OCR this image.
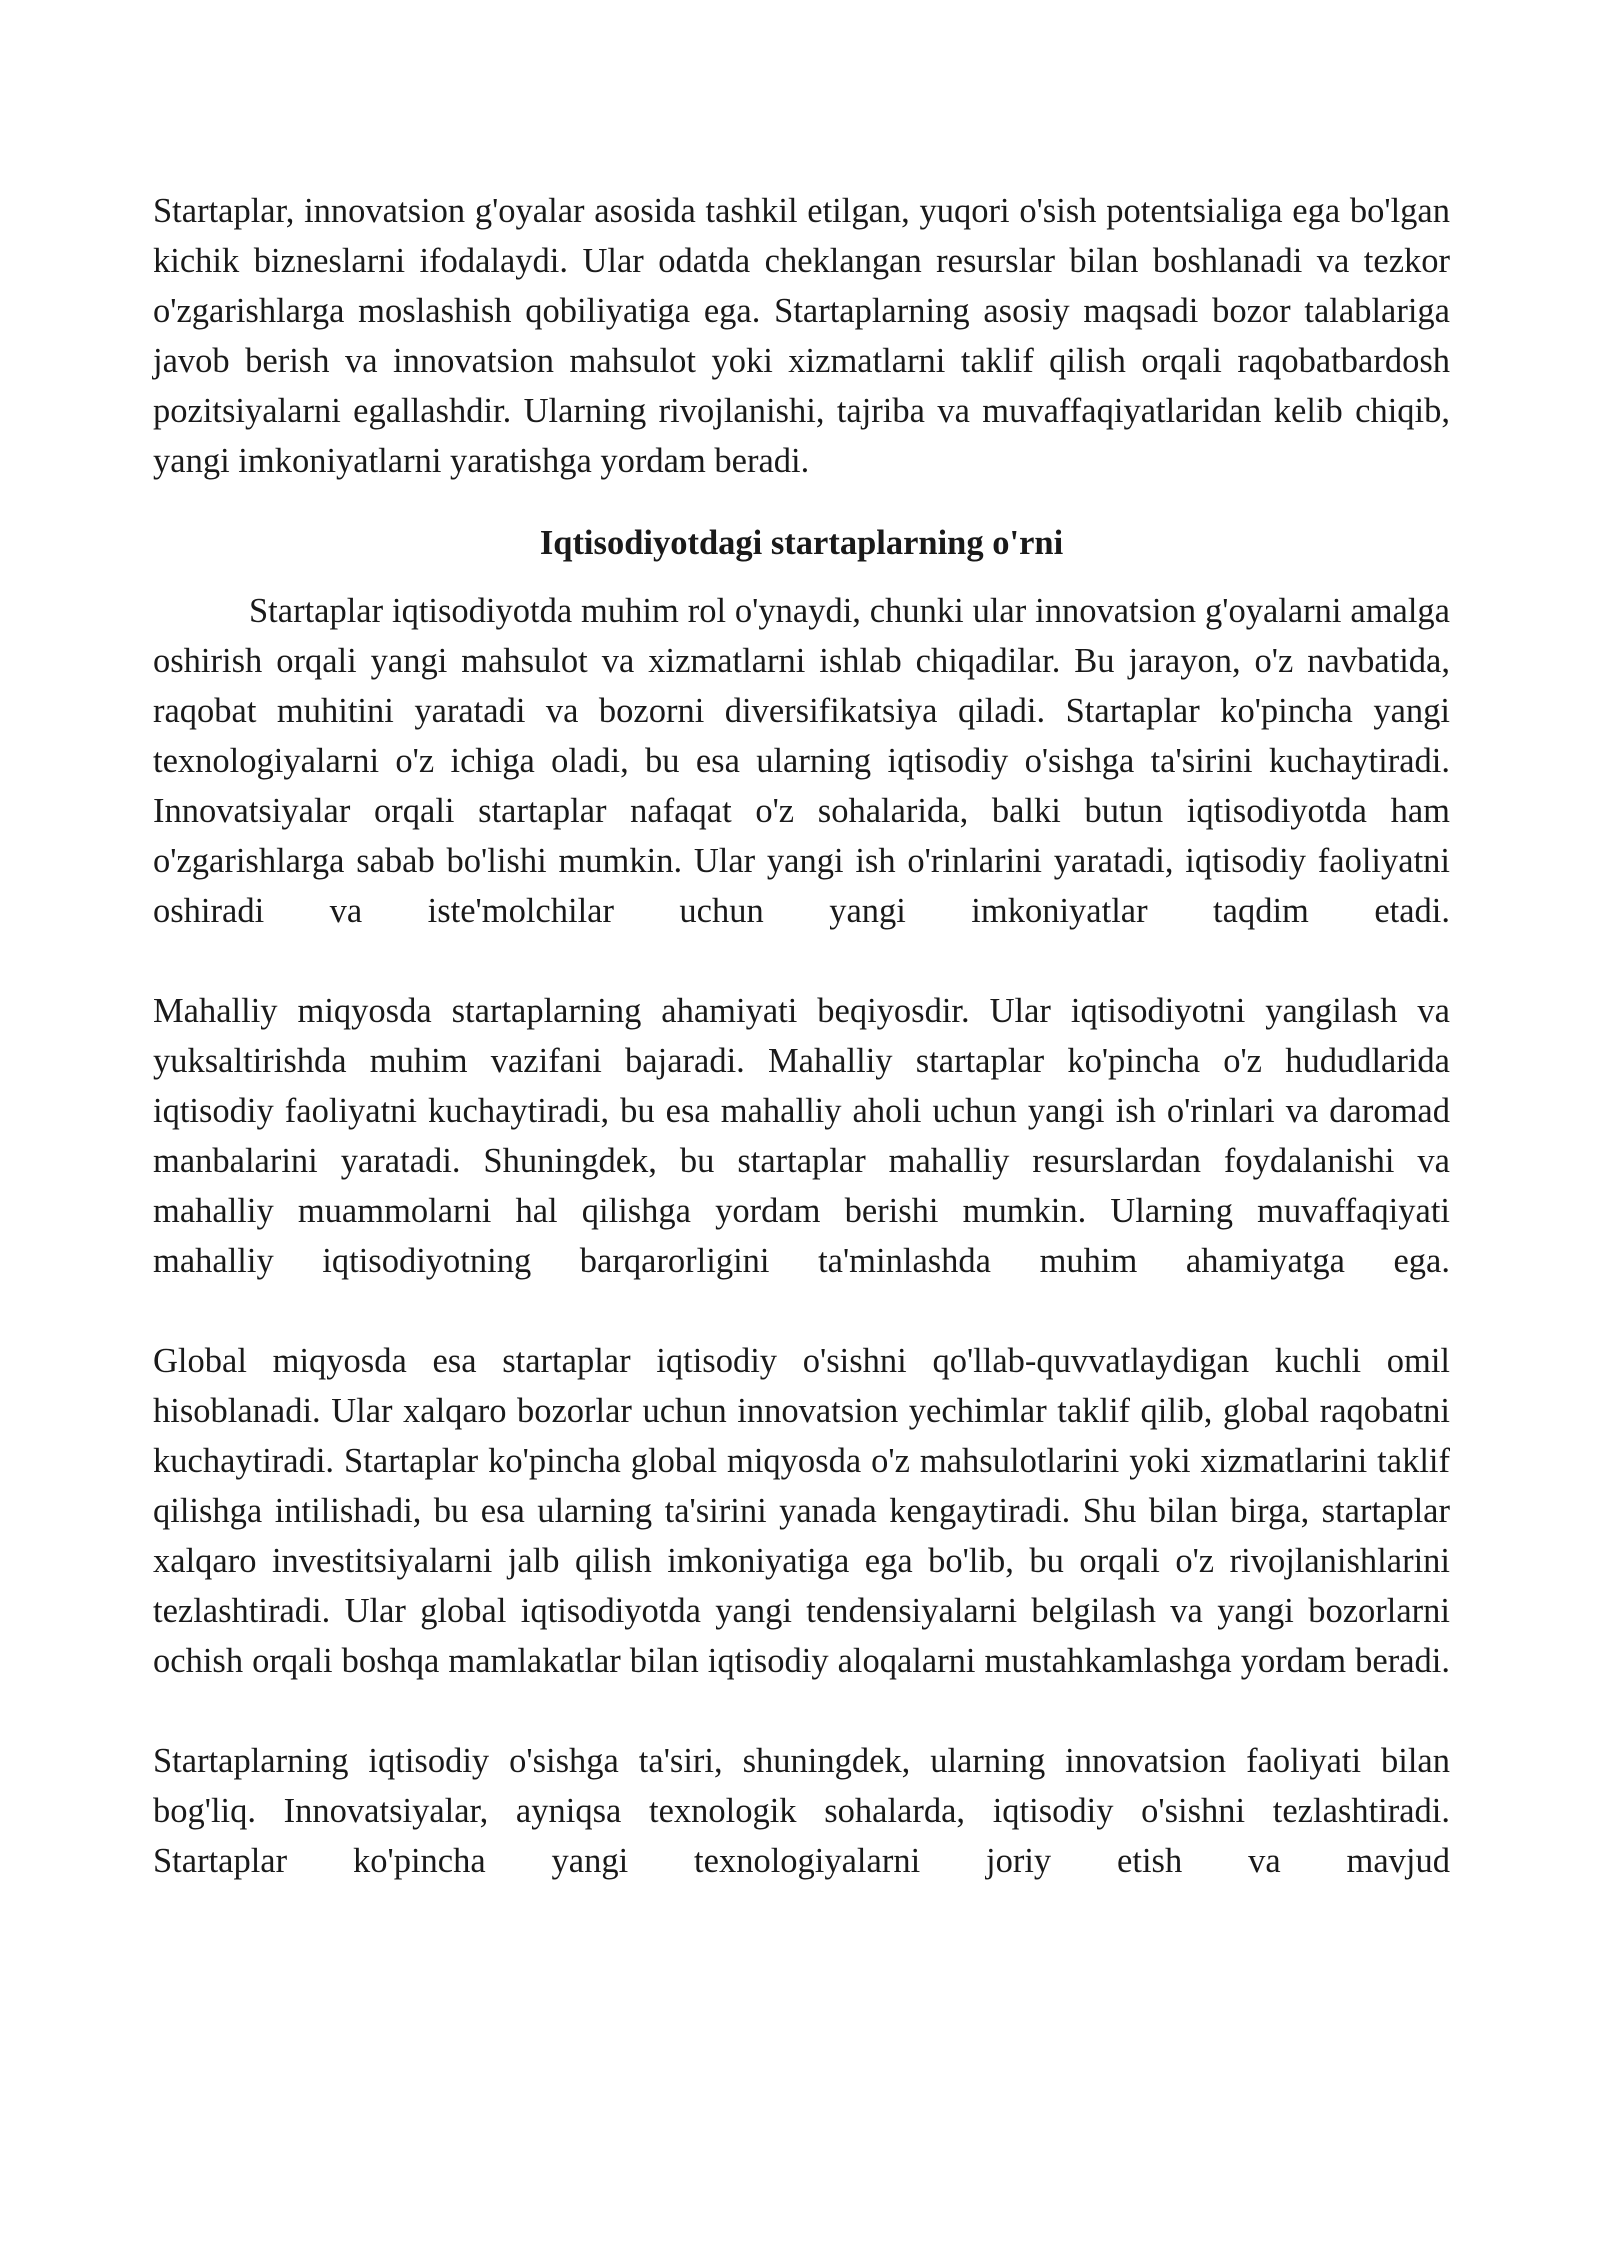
Startaplar, innovatsion g'oyalar asosida tashkil etilgan, yuqori o'sish potentsialiga ega bo'lgan kichik bizneslarni ifodalaydi. Ular odatda cheklangan resurslar bilan boshlanadi va tezkor o'zgarishlarga moslashish qobiliyatiga ega. Startaplarning asosiy maqsadi bozor talablariga javob berish va innovatsion mahsulot yoki xizmatlarni taklif qilish orqali raqobatbardosh pozitsiyalarni egallashdir. Ularning rivojlanishi, tajriba va muvaffaqiyatlaridan kelib chiqib, yangi imkoniyatlarni yaratishga yordam beradi.

Iqtisodiyotdagi startaplarning o'rni

Startaplar iqtisodiyotda muhim rol o'ynaydi, chunki ular innovatsion g'oyalarni amalga oshirish orqali yangi mahsulot va xizmatlarni ishlab chiqadilar. Bu jarayon, o'z navbatida, raqobat muhitini yaratadi va bozorni diversifikatsiya qiladi. Startaplar ko'pincha yangi texnologiyalarni o'z ichiga oladi, bu esa ularning iqtisodiy o'sishga ta'sirini kuchaytiradi. Innovatsiyalar orqali startaplar nafaqat o'z sohalarida, balki butun iqtisodiyotda ham o'zgarishlarga sabab bo'lishi mumkin. Ular yangi ish o'rinlarini yaratadi, iqtisodiy faoliyatni oshiradi va iste'molchilar uchun yangi imkoniyatlar taqdim etadi.

Mahalliy miqyosda startaplarning ahamiyati beqiyosdir. Ular iqtisodiyotni yangilash va yuksaltirishda muhim vazifani bajaradi. Mahalliy startaplar ko'pincha o'z hududlarida iqtisodiy faoliyatni kuchaytiradi, bu esa mahalliy aholi uchun yangi ish o'rinlari va daromad manbalarini yaratadi. Shuningdek, bu startaplar mahalliy resurslardan foydalanishi va mahalliy muammolarni hal qilishga yordam berishi mumkin. Ularning muvaffaqiyati mahalliy iqtisodiyotning barqarorligini ta'minlashda muhim ahamiyatga ega.

Global miqyosda esa startaplar iqtisodiy o'sishni qo'llab-quvvatlaydigan kuchli omil hisoblanadi. Ular xalqaro bozorlar uchun innovatsion yechimlar taklif qilib, global raqobatni kuchaytiradi. Startaplar ko'pincha global miqyosda o'z mahsulotlarini yoki xizmatlarini taklif qilishga intilishadi, bu esa ularning ta'sirini yanada kengaytiradi. Shu bilan birga, startaplar xalqaro investitsiyalarni jalb qilish imkoniyatiga ega bo'lib, bu orqali o'z rivojlanishlarini tezlashtiradi. Ular global iqtisodiyotda yangi tendensiyalarni belgilash va yangi bozorlarni ochish orqali boshqa mamlakatlar bilan iqtisodiy aloqalarni mustahkamlashga yordam beradi.

Startaplarning iqtisodiy o'sishga ta'siri, shuningdek, ularning innovatsion faoliyati bilan bog'liq. Innovatsiyalar, ayniqsa texnologik sohalarda, iqtisodiy o'sishni tezlashtiradi. Startaplar ko'pincha yangi texnologiyalarni joriy etish va mavjud
